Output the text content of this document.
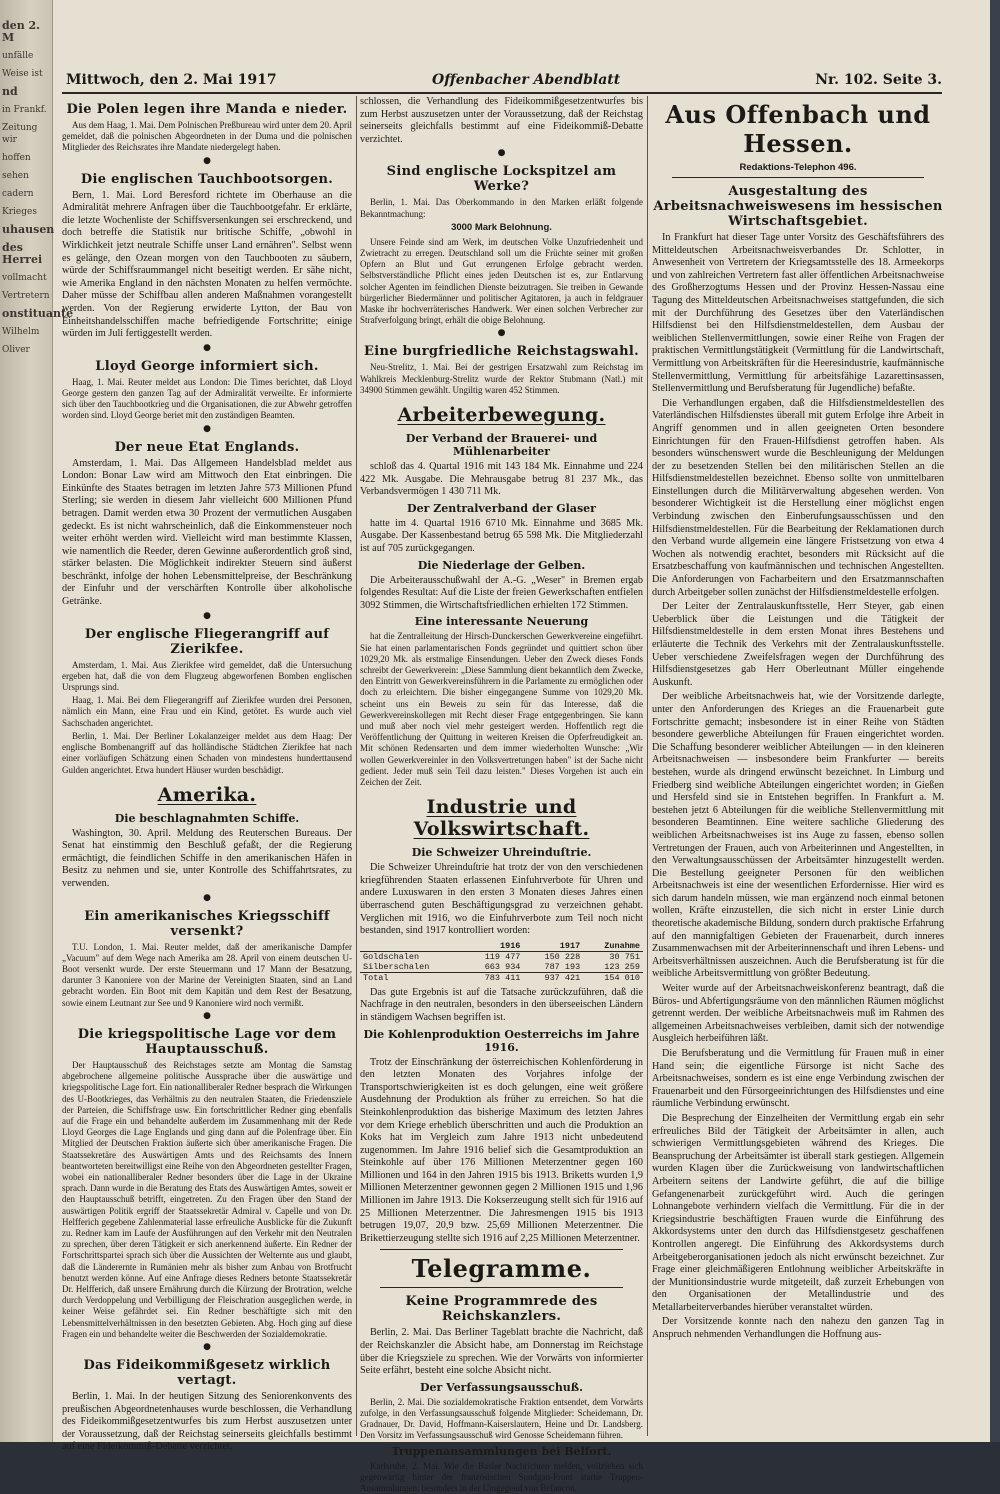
den 2. M

unfälle

Weise ist

nd

in Frankf.

Zeitung wir

hoffen

sehen

cadern

Krieges

uhausen

des Herrei

vollmacht

Vertretern

onstituante

Wilhelm

Oliver

Mittwoch, den 2. Mai 1917	Offenbacher Abendblatt	Nr. 102. Seite 3.
Die Polen legen ihre Manda e nieder.

Aus dem Haag, 1. Mai. Dem Polnischen Preßbureau wird unter dem 20. April gemeldet, daß die polnischen Abgeordneten in der Duma und die polnischen Mitglieder des Reichsrates ihre Mandate niedergelegt haben.

●
Die englischen Tauchbootsorgen.

Bern, 1. Mai. Lord Beresford richtete im Oberhause an die Admiralität mehrere Anfragen über die Tauchbootgefahr. Er erklärte, die letzte Wochenliste der Schiffsversenkungen sei erschreckend, und doch betreffe die Statistik nur britische Schiffe, „obwohl in Wirklichkeit jetzt neutrale Schiffe unser Land ernähren". Selbst wenn es gelänge, den Ozean morgen von den Tauchbooten zu säubern, würde der Schiffsraummangel nicht beseitigt werden. Er sähe nicht, wie Amerika England in den nächsten Monaten zu helfen vermöchte. Daher müsse der Schiffbau allen anderen Maßnahmen vorangestellt werden. Von der Regierung erwiderte Lytton, der Bau von Einheitshandelsschiffen mache befriedigende Fortschritte; einige würden im Juli fertiggestellt werden.

●
Lloyd George informiert sich.

Haag, 1. Mai. Reuter meldet aus London: Die Times berichtet, daß Lloyd George gestern den ganzen Tag auf der Admiralität verweilte. Er informierte sich über den Tauchbootkrieg und die Organisationen, die zur Abwehr getroffen worden sind. Lloyd George beriet mit den zuständigen Beamten.

●
Der neue Etat Englands.

Amsterdam, 1. Mai. Das Allgemeen Handelsblad meldet aus London: Bonar Law wird am Mittwoch den Etat einbringen. Die Einkünfte des Staates betragen im letzten Jahre 573 Millionen Pfund Sterling; sie werden in diesem Jahr vielleicht 600 Millionen Pfund betragen. Damit werden etwa 30 Prozent der vermutlichen Ausgaben gedeckt. Es ist nicht wahrscheinlich, daß die Einkommensteuer noch weiter erhöht werden wird. Vielleicht wird man bestimmte Klassen, wie namentlich die Reeder, deren Gewinne außerordentlich groß sind, stärker belasten. Die Möglichkeit indirekter Steuern sind äußerst beschränkt, infolge der hohen Lebensmittelpreise, der Beschränkung der Einfuhr und der verschärften Kontrolle über alkoholische Getränke.

●
Der englische Fliegerangriff auf Zierikfee.

Amsterdam, 1. Mai. Aus Zierikfee wird gemeldet, daß die Untersuchung ergeben hat, daß die von dem Flugzeug abgeworfenen Bomben englischen Ursprungs sind.

Haag, 1. Mai. Bei dem Fliegerangriff auf Zierikfee wurden drei Personen, nämlich ein Mann, eine Frau und ein Kind, getötet. Es wurde auch viel Sachschaden angerichtet.

Berlin, 1. Mai. Der Berliner Lokalanzeiger meldet aus dem Haag: Der englische Bombenangriff auf das holländische Städtchen Zierikfee hat nach einer vorläufigen Schätzung einen Schaden von mindestens hunderttausend Gulden angerichtet. Etwa hundert Häuser wurden beschädigt.

Amerika.
Die beschlagnahmten Schiffe.

Washington, 30. April. Meldung des Reuterschen Bureaus. Der Senat hat einstimmig den Beschluß gefaßt, der die Regierung ermächtigt, die feindlichen Schiffe in den amerikanischen Häfen in Besitz zu nehmen und sie, unter Kontrolle des Schiffahrtsrates, zu verwenden.

●
Ein amerikanisches Kriegsschiff versenkt?

T.U. London, 1. Mai. Reuter meldet, daß der amerikanische Dampfer „Vacuum" auf dem Wege nach Amerika am 28. April von einem deutschen U-Boot versenkt wurde. Der erste Steuermann und 17 Mann der Besatzung, darunter 3 Kanoniere von der Marine der Vereinigten Staaten, sind an Land gebracht worden. Ein Boot mit dem Kapitän und dem Rest der Besatzung, sowie einem Leutnant zur See und 9 Kanoniere wird noch vermißt.

●
Die kriegspolitische Lage vor dem Hauptausschuß.

Der Hauptausschuß des Reichstages setzte am Montag die Samstag abgebrochene allgemeine politische Aussprache über die auswärtige und kriegspolitische Lage fort. Ein nationalliberaler Redner besprach die Wirkungen des U-Bootkrieges, das Verhältnis zu den neutralen Staaten, die Friedensziele der Parteien, die Schiffsfrage usw. Ein fortschrittlicher Redner ging ebenfalls auf die Frage ein und behandelte außerdem im Zusammenhang mit der Rede Lloyd Georges die Lage Englands und ging dann auf die Polenfrage über. Ein Mitglied der Deutschen Fraktion äußerte sich über amerikanische Fragen. Die Staatssekretäre des Auswärtigen Amts und des Reichsamts des Innern beantworteten bereitwilligst eine Reihe von den Abgeordneten gestellter Fragen, wobei ein nationalliberaler Redner besonders über die Lage in der Ukraine sprach. Dann wurde in die Beratung des Etats des Auswärtigen Amtes, soweit er den Hauptausschuß betrifft, eingetreten. Zu den Fragen über den Stand der auswärtigen Politik ergriff der Staatssekretär Admiral v. Capelle und von Dr. Helfferich gegebene Zahlenmaterial lasse erfreuliche Ausblicke für die Zukunft zu. Redner kam im Laufe der Ausführungen auf den Verkehr mit den Neutralen zu sprechen, über deren Tätigkeit er sich anerkennend äußerte. Ein Redner der Fortschrittspartei sprach sich über die Aussichten der Welternte aus und glaubt, daß die Länderernte in Rumänien mehr als bisher zum Anbau von Brotfrucht benutzt werden könne. Auf eine Anfrage dieses Redners betonte Staatssekretär Dr. Helfferich, daß unsere Ernährung durch die Kürzung der Brotration, welche durch Verdoppelung und Verbilligung der Fleischration ausgeglichen werde, in keiner Weise gefährdet sei. Ein Redner beschäftigte sich mit den Lebensmittelverhältnissen in den besetzten Gebieten. Abg. Hoch ging auf diese Fragen ein und behandelte weiter die Beschwerden der Sozialdemokratie.

●
Das Fideikommißgesetz wirklich vertagt.

Berlin, 1. Mai. In der heutigen Sitzung des Seniorenkonvents des preußischen Abgeordnetenhauses wurde beschlossen, die Verhandlung des Fideikommißgesetzentwurfes bis zum Herbst auszusetzen unter der Voraussetzung, daß der Reichstag seinerseits gleichfalls bestimmt auf eine Fideikommiß-Debatte verzichtet.

schlossen, die Verhandlung des Fideikommißgesetzentwurfes bis zum Herbst auszusetzen unter der Voraussetzung, daß der Reichstag seinerseits gleichfalls bestimmt auf eine Fideikommiß-Debatte verzichtet.

●
Sind englische Lockspitzel am Werke?

Berlin, 1. Mai. Das Oberkommando in den Marken erläßt folgende Bekanntmachung:

3000 Mark Belohnung.

Unsere Feinde sind am Werk, im deutschen Volke Unzufriedenheit und Zwietracht zu erregen. Deutschland soll um die Früchte seiner mit großen Opfern an Blut und Gut errungenen Erfolge gebracht werden. Selbstverständliche Pflicht eines jeden Deutschen ist es, zur Entlarvung solcher Agenten im feindlichen Dienste beizutragen. Sie treiben in Gewande bürgerlicher Biedermänner und politischer Agitatoren, ja auch in feldgrauer Maske ihr hochverräterisches Handwerk. Wer einen solchen Verbrecher zur Strafverfolgung bringt, erhält die obige Belohnung.

●
Eine burgfriedliche Reichstagswahl.

Neu-Strelitz, 1. Mai. Bei der gestrigen Ersatzwahl zum Reichstag im Wahlkreis Mecklenburg-Strelitz wurde der Rektor Stubmann (Natl.) mit 34900 Stimmen gewählt. Ungiltig waren 452 Stimmen.

Arbeiterbewegung.
Der Verband der Brauerei- und Mühlenarbeiter

schloß das 4. Quartal 1916 mit 143 184 Mk. Einnahme und 224 422 Mk. Ausgabe. Die Mehrausgabe betrug 81 237 Mk., das Verbandsvermögen 1 430 711 Mk.

Der Zentralverband der Glaser

hatte im 4. Quartal 1916 6710 Mk. Einnahme und 3685 Mk. Ausgabe. Der Kassenbestand betrug 65 598 Mk. Die Mitgliederzahl ist auf 705 zurückgegangen.

Die Niederlage der Gelben.

Die Arbeiterausschußwahl der A.-G. „Weser" in Bremen ergab folgendes Resultat: Auf die Liste der freien Gewerkschaften entfielen 3092 Stimmen, die Wirtschaftsfriedlichen erhielten 172 Stimmen.

Eine interessante Neuerung

hat die Zentralleitung der Hirsch-Dunckerschen Gewerkvereine eingeführt. Sie hat einen parlamentarischen Fonds gegründet und quittiert schon über 1029,20 Mk. als erstmalige Einsendungen. Ueber den Zweck dieses Fonds schreibt der Gewerkverein: „Diese Sammlung dient bekanntlich dem Zwecke, den Eintritt von Gewerkvereinsführern in die Parlamente zu ermöglichen oder doch zu erleichtern. Die bisher eingegangene Summe von 1029,20 Mk. scheint uns ein Beweis zu sein für das Interesse, daß die Gewerkvereinskollegen mit Recht dieser Frage entgegenbringen. Sie kann und muß aber noch viel mehr gesteigert werden. Hoffentlich regt die Veröffentlichung der Quittung in weiteren Kreisen die Opferfreudigkeit an. Mit schönen Redensarten und dem immer wiederholten Wunsche: „Wir wollen Gewerkvereinler in den Volksvertretungen haben" ist der Sache nicht gedient. Jeder muß sein Teil dazu leisten." Dieses Vorgehen ist auch ein Zeichen der Zeit.

Industrie und Volkswirtschaft.
Die Schweizer Uhreinduſtrie.

Die Schweizer Uhreinduſtrie hat trotz der von den verschiedenen kriegführenden Staaten erlassenen Einfuhrverbote für Uhren und andere Luxuswaren in den ersten 3 Monaten dieses Jahres einen überraschend guten Beschäftigungsgrad zu verzeichnen gehabt. Verglichen mit 1916, wo die Einfuhrverbote zum Teil noch nicht bestanden, sind 1917 kontrolliert worden:

	1916	1917	Zunahme
Goldschalen	119 477	150 228	30 751
Silberschalen	663 934	787 193	123 259
Total	783 411	937 421	154 010

Das gute Ergebnis ist auf die Tatsache zurückzuführen, daß die Nachfrage in den neutralen, besonders in den überseeischen Ländern in ständigem Wachsen begriffen ist.

Die Kohlenproduktion Oesterreichs im Jahre 1916.

Trotz der Einschränkung der österreichischen Kohlenförderung in den letzten Monaten des Vorjahres infolge der Transportschwierigkeiten ist es doch gelungen, eine weit größere Ausdehnung der Produktion als früher zu erreichen. So hat die Steinkohlenproduktion das bisherige Maximum des letzten Jahres vor dem Kriege erheblich überschritten und auch die Produktion an Koks hat im Vergleich zum Jahre 1913 nicht unbedeutend zugenommen. Im Jahre 1916 belief sich die Gesamtproduktion an Steinkohle auf über 176 Millionen Meterzentner gegen 160 Millionen und 164 in den Jahren 1915 bis 1913. Briketts wurden 1,9 Millionen Meterzentner gewonnen gegen 2 Millionen 1915 und 1,96 Millionen im Jahre 1913. Die Kokserzeugung stellt sich für 1916 auf 25 Millionen Meterzentner. Die Jahresmengen 1915 bis 1913 betrugen 19,07, 20,9 bzw. 25,69 Millionen Meterzentner. Die Brikettierzeugung stellte sich 1916 auf 2,25 Millionen Meterzentner.

Telegramme.
Keine Programmrede des Reichskanzlers.

Berlin, 2. Mai. Das Berliner Tageblatt brachte die Nachricht, daß der Reichskanzler die Absicht habe, am Donnerstag im Reichstage über die Kriegsziele zu sprechen. Wie der Vorwärts von informierter Seite erfährt, besteht eine solche Absicht nicht.

Der Verfassungsausschuß.

Berlin, 2. Mai. Die sozialdemokratische Fraktion entsendet, dem Vorwärts zufolge, in den Verfassungsausschuß folgende Mitglieder: Scheidemann, Dr. Gradnauer, Dr. David, Hoffmann-Kaiserslautern, Heine und Dr. Landsberg. Den Vorsitz im Verfassungsausschuß wird Genosse Scheidemann führen.

Truppenansammlungen bei Belfort.

Karlsruhe, 2. Mai. Wie die Basler Nachrichten melden, vollziehen sich gegenwärtig hinter der französischen Sundgau-Front starke Truppen-Ansammlungen, besonders in der Umgegend von Befancon.

Aus Offenbach und Hessen.
Redaktions-Telephon 496.
Ausgestaltung des Arbeitsnachweiswesens im hessischen Wirtschaftsgebiet.

In Frankfurt hat dieser Tage unter Vorsitz des Geschäftsführers des Mitteldeutschen Arbeitsnachweisverbandes Dr. Schlotter, in Anwesenheit von Vertretern der Kriegsamtsstelle des 18. Armeekorps und von zahlreichen Vertretern fast aller öffentlichen Arbeitsnachweise des Großherzogtums Hessen und der Provinz Hessen-Nassau eine Tagung des Mitteldeutschen Arbeitsnachweises stattgefunden, die sich mit der Durchführung des Gesetzes über den Vaterländischen Hilfsdienst bei den Hilfsdienstmeldestellen, dem Ausbau der weiblichen Stellenvermittlungen, sowie einer Reihe von Fragen der praktischen Vermittlungstätigkeit (Vermittlung für die Landwirtschaft, Vermittlung von Arbeitskräften für die Heeresindustrie, kaufmännische Stellenvermittlung, Vermittlung für arbeitsfähige Lazarettinsassen, Stellenvermittlung und Berufsberatung für Jugendliche) befaßte.

Die Verhandlungen ergaben, daß die Hilfsdienstmeldestellen des Vaterländischen Hilfsdienstes überall mit gutem Erfolge ihre Arbeit in Angriff genommen und in allen geeigneten Orten besondere Einrichtungen für den Frauen-Hilfsdienst getroffen haben. Als besonders wünschenswert wurde die Beschleunigung der Meldungen der zu besetzenden Stellen bei den militärischen Stellen an die Hilfsdienstmeldestellen bezeichnet. Ebenso sollte von unmittelbaren Einstellungen durch die Militärverwaltung abgesehen werden. Von besonderer Wichtigkeit ist die Herstellung einer möglichst engen Verbindung zwischen den Einberufungsausschüssen und den Hilfsdienstmeldestellen. Für die Bearbeitung der Reklamationen durch den Verband wurde allgemein eine längere Fristsetzung von etwa 4 Wochen als notwendig erachtet, besonders mit Rücksicht auf die Ersatzbeschaffung von kaufmännischen und technischen Angestellten. Die Anforderungen von Facharbeitern und den Ersatzmannschaften durch Arbeitgeber sollen zunächst der Hilfsdienstmeldestelle erfolgen.

Der Leiter der Zentralauskunftsstelle, Herr Steyer, gab einen Ueberblick über die Leistungen und die Tätigkeit der Hilfsdienstmeldestelle in dem ersten Monat ihres Bestehens und erläuterte die Technik des Verkehrs mit der Zentralauskunftsstelle. Ueber verschiedene Zweifelsfragen wegen der Durchführung des Hilfsdienstgesetzes gab Herr Oberleutnant Müller eingehende Auskunft.

Der weibliche Arbeitsnachweis hat, wie der Vorsitzende darlegte, unter den Anforderungen des Krieges an die Frauenarbeit gute Fortschritte gemacht; insbesondere ist in einer Reihe von Städten besondere gewerbliche Abteilungen für Frauen eingerichtet worden. Die Schaffung besonderer weiblicher Abteilungen — in den kleineren Arbeitsnachweisen — insbesondere beim Frankfurter — bereits bestehen, wurde als dringend erwünscht bezeichnet. In Limburg und Friedberg sind weibliche Abteilungen eingerichtet worden; in Gießen und Hersfeld sind sie in Entstehen begriffen. In Frankfurt a. M. bestehen jetzt 6 Abteilungen für die weibliche Stellenvermittlung mit besonderen Beamtinnen. Eine weitere sachliche Gliederung des weiblichen Arbeitsnachweises ist ins Auge zu fassen, ebenso sollen Vertretungen der Frauen, auch von Arbeiterinnen und Angestellten, in den Verwaltungsausschüssen der Arbeitsämter hinzugestellt werden. Die Bestellung geeigneter Personen für den weiblichen Arbeitsnachweis ist eine der wesentlichen Erfordernisse. Hier wird es sich darum handeln müssen, wie man ergänzend noch einmal betonen wollen, Kräfte einzustellen, die sich nicht in erster Linie durch theoretische akademische Bildung, sondern durch praktische Erfahrung auf den mannigfaltigen Gebieten der Frauenarbeit, durch inneres Zusammenwachsen mit der Arbeiterinnenschaft und ihren Lebens- und Arbeitsverhältnissen auszeichnen. Auch die Berufsberatung ist für die weibliche Arbeitsvermittlung von größter Bedeutung.

Weiter wurde auf der Arbeitsnachweiskonferenz beantragt, daß die Büros- und Abfertigungsräume von den männlichen Räumen möglichst getrennt werden. Der weibliche Arbeitsnachweis muß im Rahmen des allgemeinen Arbeitsnachweises verbleiben, damit sich der notwendige Ausgleich herbeiführen läßt.

Die Berufsberatung und die Vermittlung für Frauen muß in einer Hand sein; die eigentliche Fürsorge ist nicht Sache des Arbeitsnachweises, sondern es ist eine enge Verbindung zwischen der Frauenarbeit und den Fürsorgeeinrichtungen des Hilfsdienstes und eine räumliche Verbindung erwünscht.

Die Besprechung der Einzelheiten der Vermittlung ergab ein sehr erfreuliches Bild der Tätigkeit der Arbeitsämter in allen, auch schwierigen Vermittlungsgebieten während des Krieges. Die Beanspruchung der Arbeitsämter ist überall stark gestiegen. Allgemein wurden Klagen über die Zurückweisung von landwirtschaftlichen Arbeitern seitens der Landwirte geführt, die auf die billige Gefangenenarbeit zurückgeführt wird. Auch die geringen Lohnangebote verhindern vielfach die Vermittlung. Für die in der Kriegsindustrie beschäftigten Frauen wurde die Einführung des Akkordsystems unter den durch das Hilfsdienstgesetz geschaffenen Kontrollen angeregt. Die Einführung des Akkordsystems durch Arbeitgeberorganisationen jedoch als nicht erwünscht bezeichnet. Zur Frage einer gleichmäßigeren Entlohnung weiblicher Arbeitskräfte in der Munitionsindustrie wurde mitgeteilt, daß zurzeit Erhebungen von den Organisationen der Metallindustrie und des Metallarbeiterverbandes hierüber veranstaltet würden.

Der Vorsitzende konnte nach den nahezu den ganzen Tag in Anspruch nehmenden Verhandlungen die Hoffnung aus-
